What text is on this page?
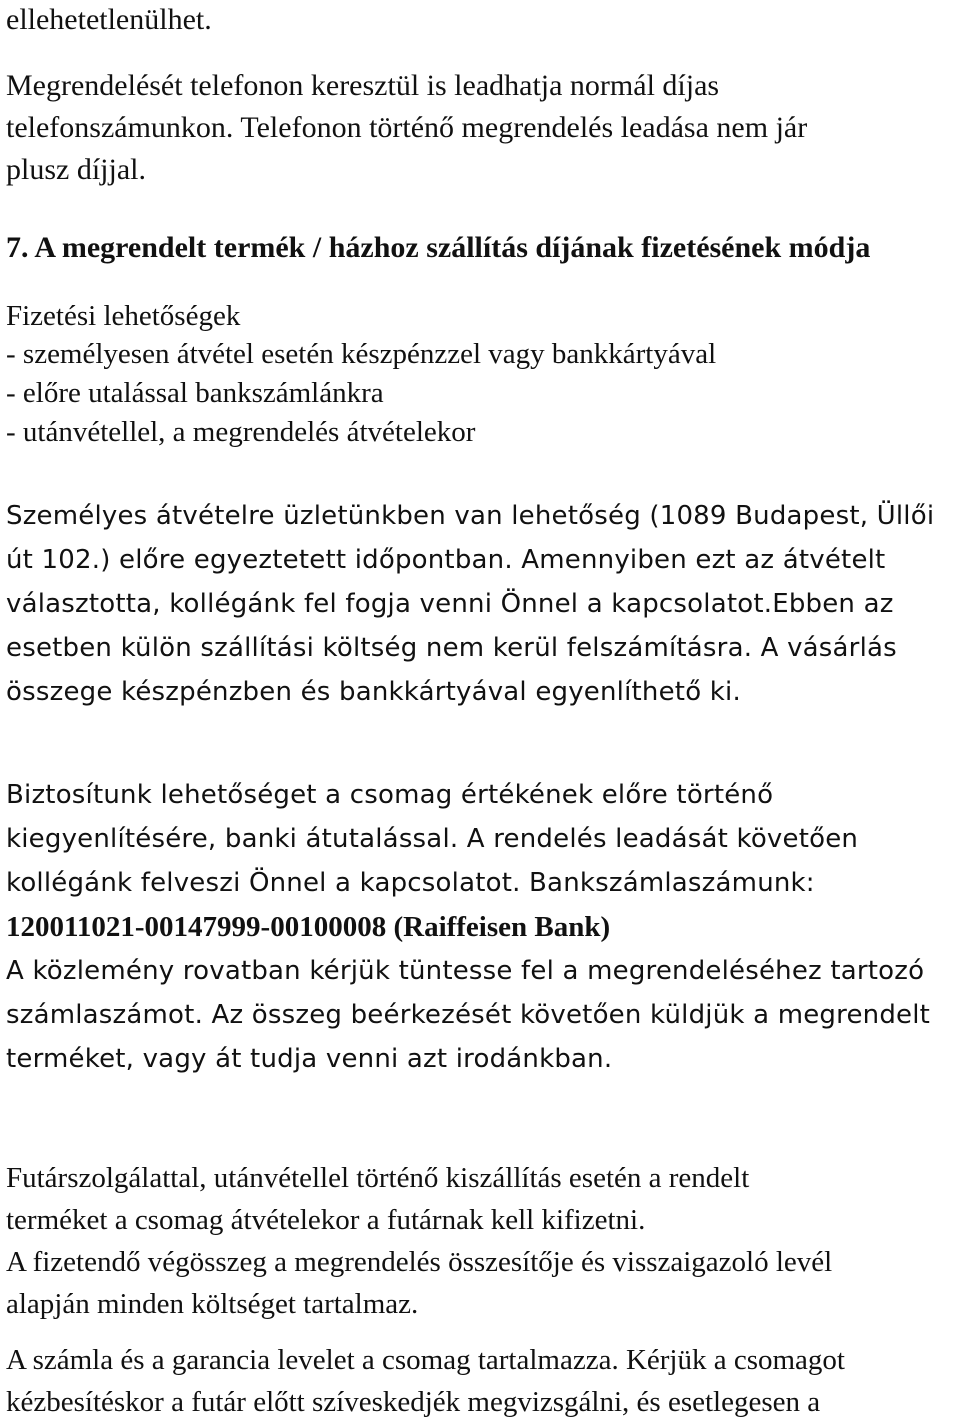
ellehetetlenülhet.
Megrendelését telefonon keresztül is leadhatja normál díjas
telefonszámunkon. Telefonon történő megrendelés leadása nem jár
plusz díjjal.
7. A megrendelt termék / házhoz szállítás díjának fizetésének módja
Fizetési lehetőségek
- személyesen átvétel esetén készpénzzel vagy bankkártyával
- előre utalással bankszámlánkra
- utánvétellel, a megrendelés átvételekor
Személyes átvételre üzletünkben van lehetőség (1089 Budapest, Üllői
út 102.) előre egyeztetett időpontban. Amennyiben ezt az átvételt
választotta, kollégánk fel fogja venni Önnel a kapcsolatot.Ebben az
esetben külön szállítási költség nem kerül felszámításra. A vásárlás
összege készpénzben és bankkártyával egyenlíthető ki.
Biztosítunk lehetőséget a csomag értékének előre történő
kiegyenlítésére, banki átutalással. A rendelés leadását követően
kollégánk felveszi Önnel a kapcsolatot. Bankszámlaszámunk:
120011021-00147999-00100008 (Raiffeisen Bank)
A közlemény rovatban kérjük tüntesse fel a megrendeléséhez tartozó
számlaszámot. Az összeg beérkezését követően küldjük a megrendelt
terméket, vagy át tudja venni azt irodánkban.
Futárszolgálattal, utánvétellel történő kiszállítás esetén a rendelt
terméket a csomag átvételekor a futárnak kell kifizetni.
A fizetendő végösszeg a megrendelés összesítője és visszaigazoló levél
alapján minden költséget tartalmaz.
A számla és a garancia levelet a csomag tartalmazza. Kérjük a csomagot
kézbesítéskor a futár előtt szíveskedjék megvizsgálni, és esetlegesen a
